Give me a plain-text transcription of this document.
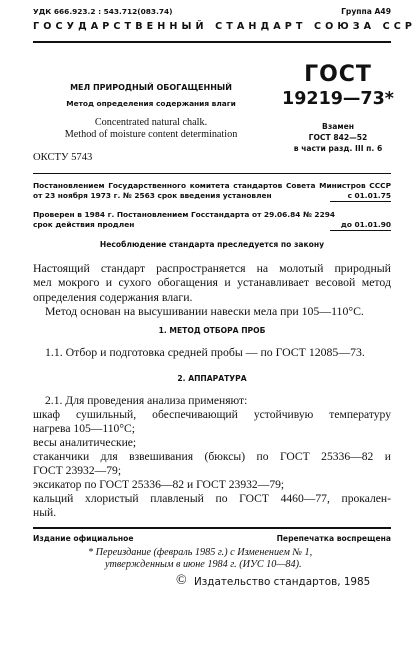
УДК 666.923.2 : 543.712(083.74)	Группа А49
ГОСУДАРСТВЕННЫЙ СТАНДАРТ СОЮЗА ССР
МЕЛ ПРИРОДНЫЙ ОБОГАЩЕННЫЙ
Метод определения содержания влаги
Concentrated natural chalk.
Method of moisture content determination
ОКСТУ 5743
ГОСТ
19219—73*
Взамен
ГОСТ 842—52
в части разд. III п. 6
Постановлением Государственного комитета стандартов Совета Министров СССР
от 23 ноября 1973 г. № 2563 срок введения установлен	с 01.01.75
Проверен в 1984 г. Постановлением Госстандарта от 29.06.84 № 2294
срок действия продлен	до 01.01.90
Несоблюдение стандарта преследуется по закону
Настоящий стандарт распространяется на молотый природный
мел мокрого и сухого обогащения и устанавливает весовой метод
определения содержания влаги.
Метод основан на высушивании навески мела при 105—110°С.
1. МЕТОД ОТБОРА ПРОБ
1.1. Отбор и подготовка средней пробы — по ГОСТ 12085—73.
2. АППАРАТУРА
2.1. Для проведения анализа применяют:
шкаф сушильный, обеспечивающий устойчивую температуру
нагрева 105—110°С;
весы аналитические;
стаканчики для взвешивания (бюксы) по ГОСТ 25336—82 и
ГОСТ 23932—79;
эксикатор по ГОСТ 25336—82 и ГОСТ 23932—79;
кальций хлористый плавленый по ГОСТ 4460—77, прокален-
ный.
Издание официальное	Перепечатка воспрещена
* Переиздание (февраль 1985 г.) с Изменением № 1,
утвержденным в июне 1984 г. (ИУС 10—84).
© Издательство стандартов, 1985
